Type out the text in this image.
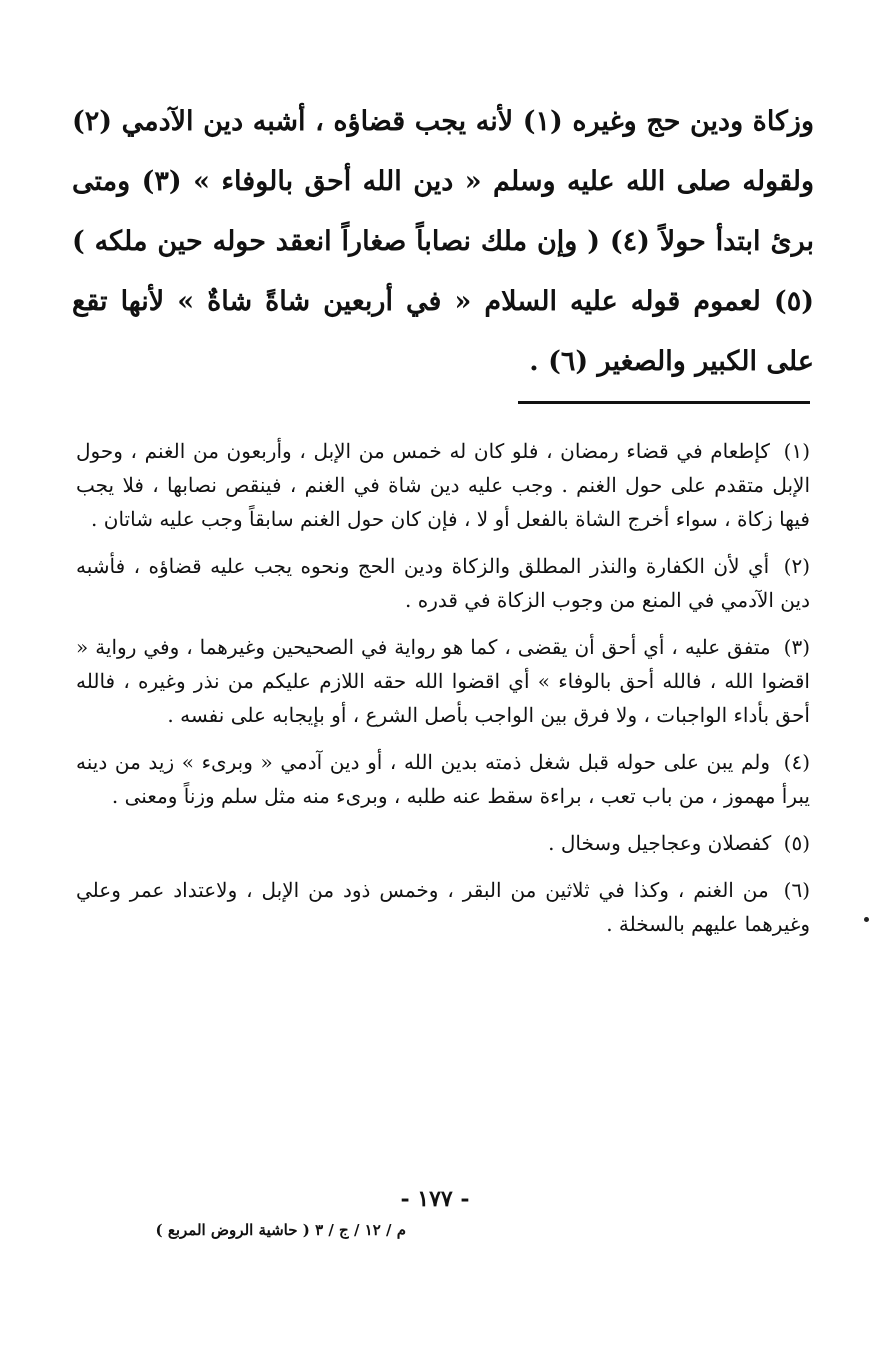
وزكاة ودين حج وغيره (١) لأنه يجب قضاؤه ، أشبه دين الآدمي (٢) ولقوله صلى الله عليه وسلم « دين الله أحق بالوفاء » (٣) ومتى برئ ابتدأ حولاً (٤) ( وإن ملك نصاباً صغاراً انعقد حوله حين ملكه ) (٥) لعموم قوله عليه السلام « في أربعين شاةً شاةٌ » لأنها تقع على الكبير والصغير (٦) .

(١) كإطعام في قضاء رمضان ، فلو كان له خمس من الإبل ، وأربعون من الغنم ، وحول الإبل متقدم على حول الغنم . وجب عليه دين شاة في الغنم ، فينقص نصابها ، فلا يجب فيها زكاة ، سواء أخرج الشاة بالفعل أو لا ، فإن كان حول الغنم سابقاً وجب عليه شاتان .

(٢) أي لأن الكفارة والنذر المطلق والزكاة ودين الحج ونحوه يجب عليه قضاؤه ، فأشبه دين الآدمي في المنع من وجوب الزكاة في قدره .

(٣) متفق عليه ، أي أحق أن يقضى ، كما هو رواية في الصحيحين وغيرهما ، وفي رواية « اقضوا الله ، فالله أحق بالوفاء » أي اقضوا الله حقه اللازم عليكم من نذر وغيره ، فالله أحق بأداء الواجبات ، ولا فرق بين الواجب بأصل الشرع ، أو بإيجابه على نفسه .

(٤) ولم يبن على حوله قبل شغل ذمته بدين الله ، أو دين آدمي « وبرىء » زيد من دينه يبرأ مهموز ، من باب تعب ، براءة سقط عنه طلبه ، وبرىء منه مثل سلم وزناً ومعنى .

(٥) كفصلان وعجاجيل وسخال .

(٦) من الغنم ، وكذا في ثلاثين من البقر ، وخمس ذود من الإبل ، ولاعتداد عمر وعلي وغيرهما عليهم بالسخلة .

- ١٧٧ -
م / ١٢ / ج / ٣ ( حاشية الروض المربع )
